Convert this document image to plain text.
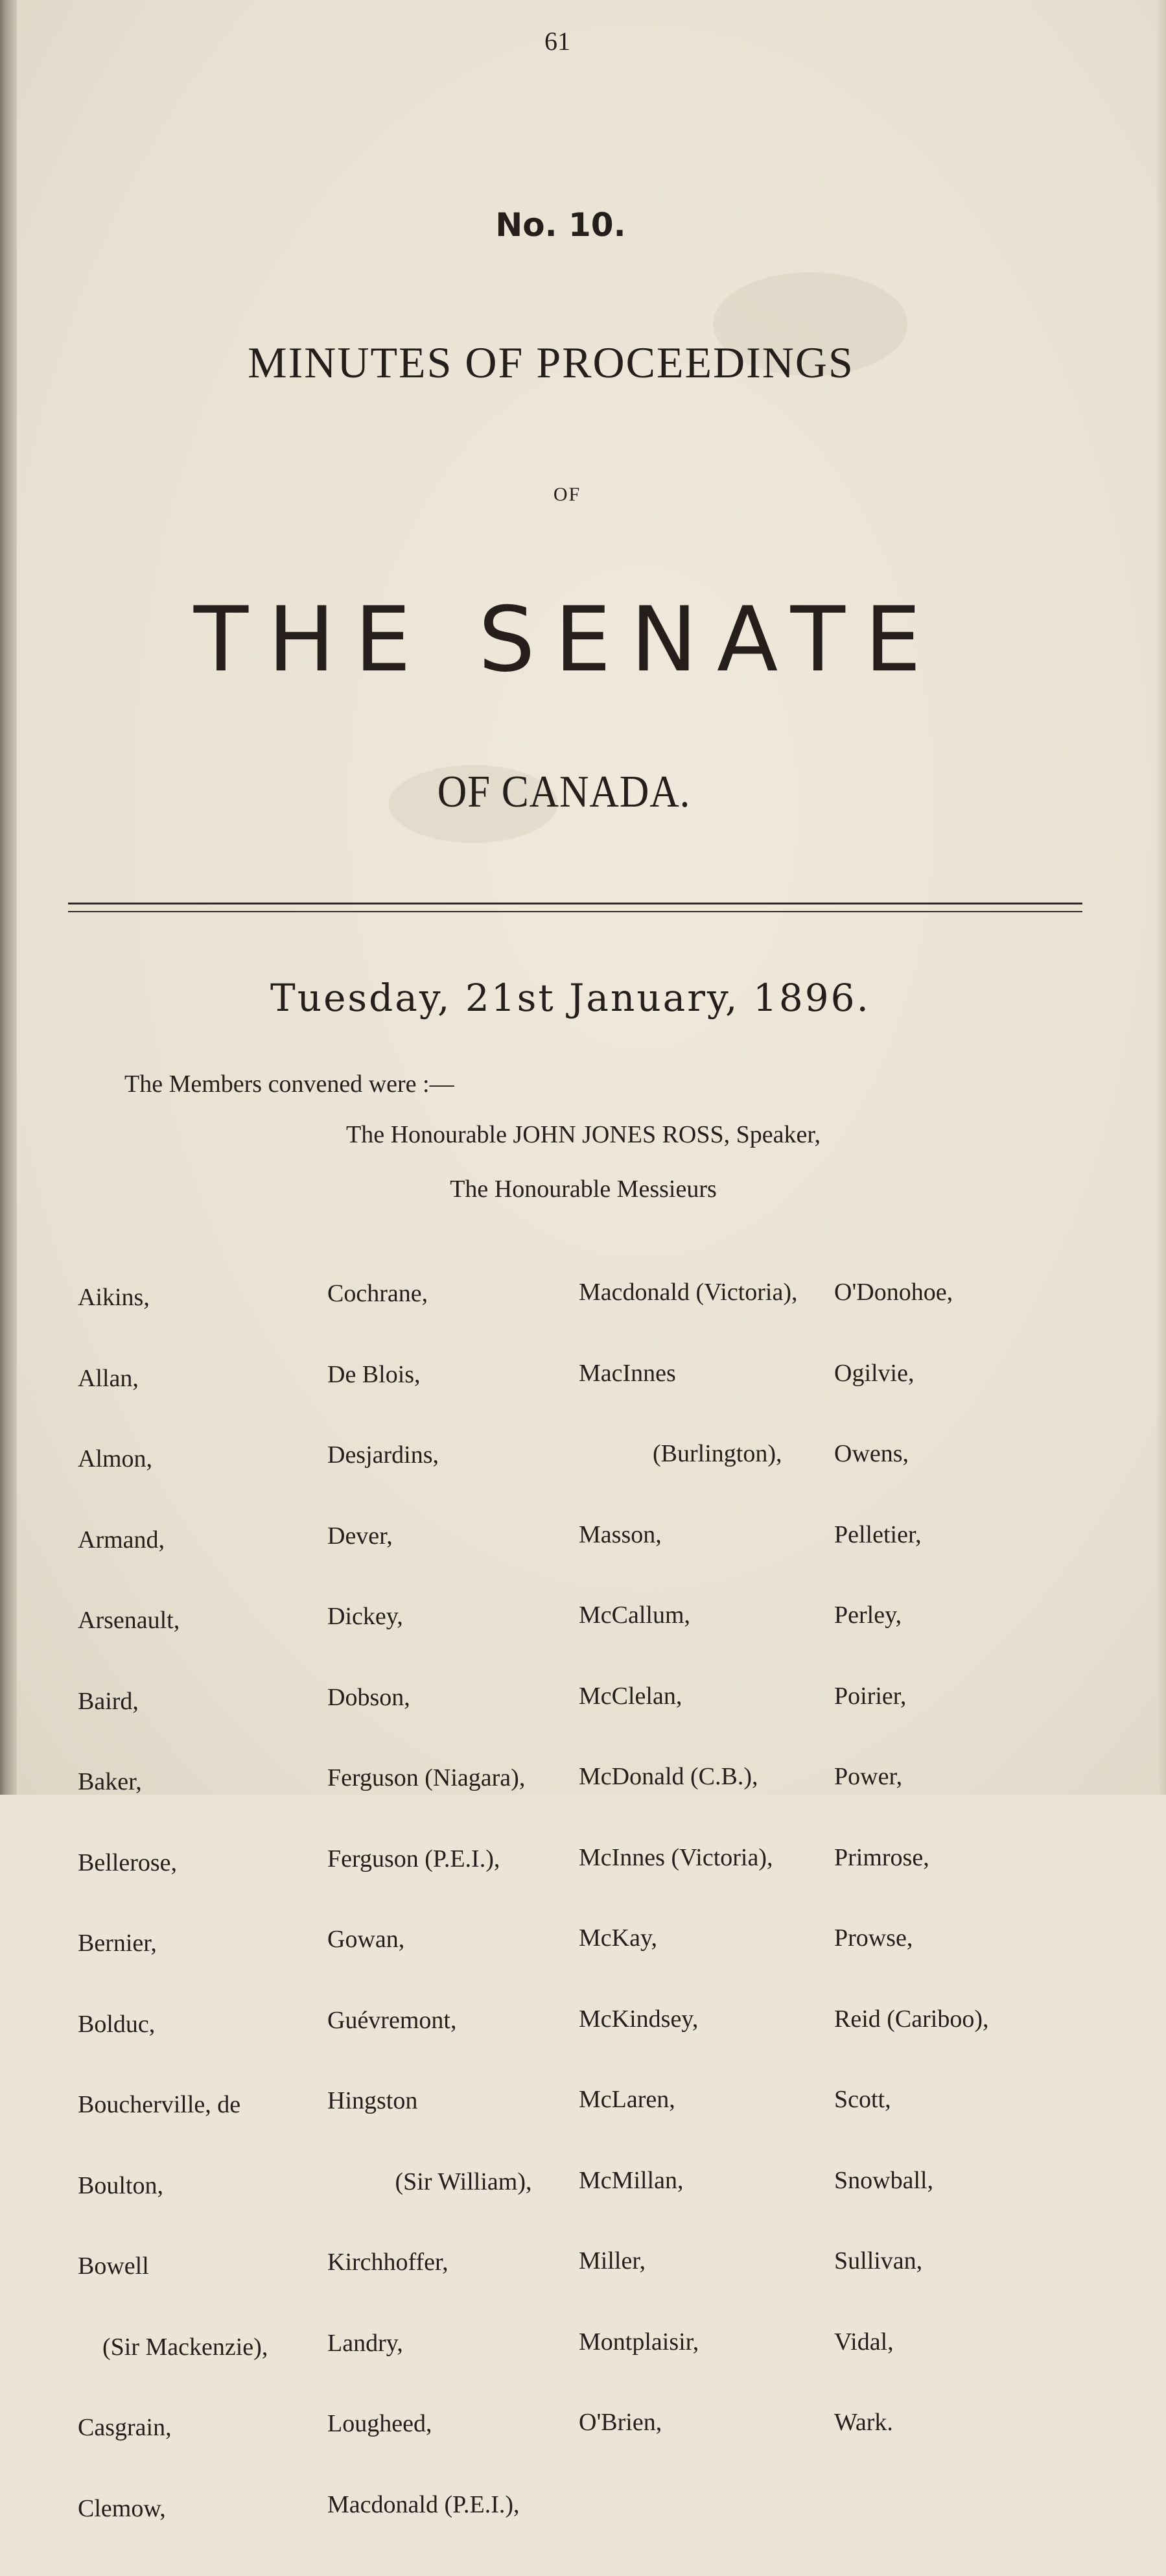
61
No. 10.
MINUTES OF PROCEEDINGS
OF
THE SENATE
OF CANADA.
Tuesday, 21st January, 1896.
The Members convened were :—
The Honourable JOHN JONES ROSS, Speaker,
The Honourable Messieurs

Aikins,

Allan,

Almon,

Armand,

Arsenault,

Baird,

Baker,

Bellerose,

Bernier,

Bolduc,

Boucherville, de

Boulton,

Bowell

(Sir Mackenzie),

Casgrain,

Clemow,

Cochrane,

De Blois,

Desjardins,

Dever,

Dickey,

Dobson,

Ferguson (Niagara),

Ferguson (P.E.I.),

Gowan,

Guévremont,

Hingston

(Sir William),

Kirchhoffer,

Landry,

Lougheed,

Macdonald (P.E.I.),

Macdonald (Victoria),

MacInnes

(Burlington),

Masson,

McCallum,

McClelan,

McDonald (C.B.),

McInnes (Victoria),

McKay,

McKindsey,

McLaren,

McMillan,

Miller,

Montplaisir,

O'Brien,

O'Donohoe,

Ogilvie,

Owens,

Pelletier,

Perley,

Poirier,

Power,

Primrose,

Prowse,

Reid (Cariboo),

Scott,

Snowball,

Sullivan,

Vidal,

Wark.
